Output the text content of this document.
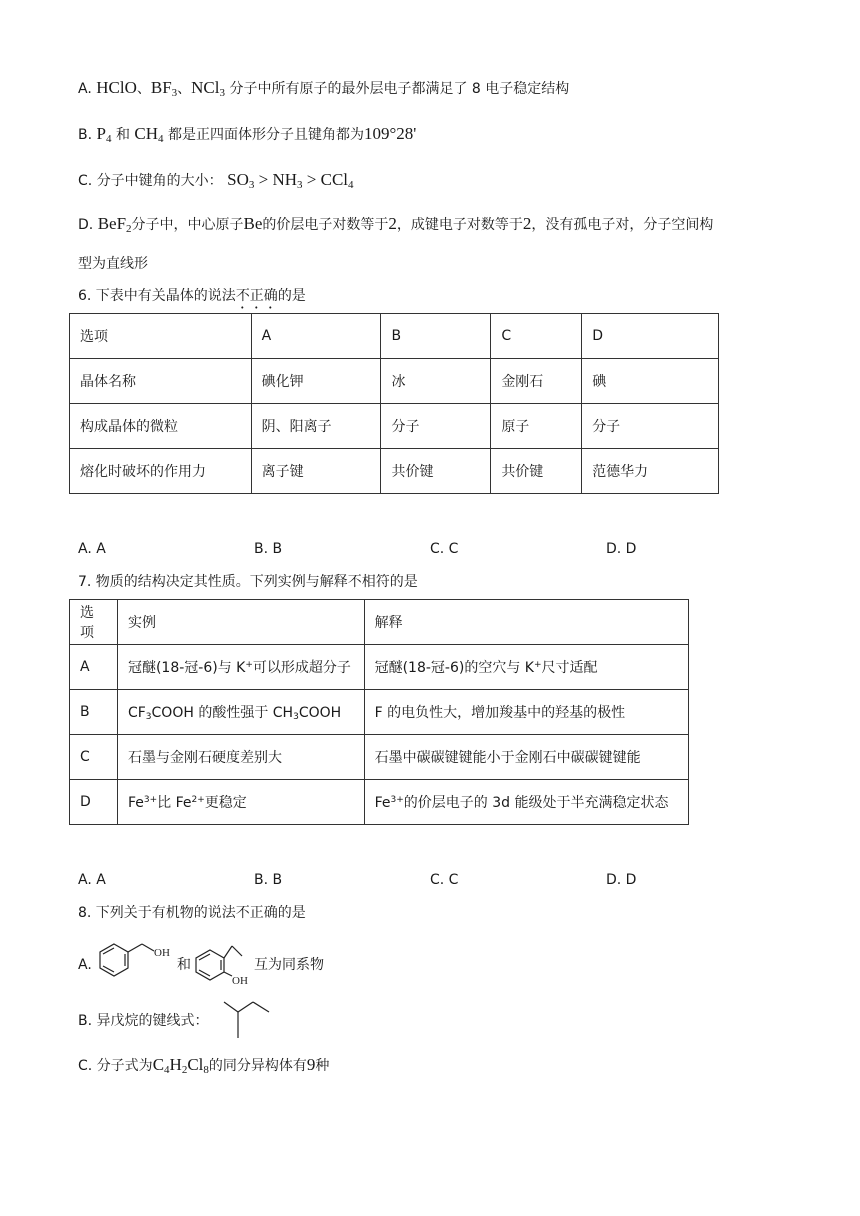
A. HClO、$BF_3$、NCl$_3$ 分子中所有原子的最外层电子都满足了 8 电子稳定结构
B. $P_4$ 和 $CH_4$ 都是正四面体形分子且键角都为109°28'
C. 分子中键角的大小： $SO_3 > NH_3 > CCl_4$
D. BeF$_2$分子中，中心原子Be的价层电子对数等于2，成键电子对数等于2，没有孤电子对，分子空间构
型为直线形
6. 下表中有关晶体的说法不正确的是
选项	A	B	C	D
晶体名称	碘化钾	冰	金刚石	碘
构成晶体的微粒	阴、阳离子	分子	原子	分子
熔化时破坏的作用力	离子键	共价键	共价键	范德华力
A. A	B. B	C. C	D. D
7. 物质的结构决定其性质。下列实例与解释不相符的是
选项	实例	解释
A	冠醚(18-冠-6)与 K+可以形成超分子	冠醚(18-冠-6)的空穴与 K+尺寸适配
B	$CF_3COOH$ 的酸性强于 $CH_3COOH$	F 的电负性大，增加羧基中的羟基的极性
C	石墨与金刚石硬度差别大	石墨中碳碳键键能小于金刚石中碳碳键键能
D	$Fe^{3+}$比 $Fe^{2+}$更稳定	$Fe^{3+}$的价层电子的 3d 能级处于半充满稳定状态
A. A	B. B	C. C	D. D
8. 下列关于有机物的说法不正确的是
A.
OH
和
OH
互为同系物
B. 异戊烷的键线式：
C. 分子式为$C_4H_2Cl_8$的同分异构体有9种
